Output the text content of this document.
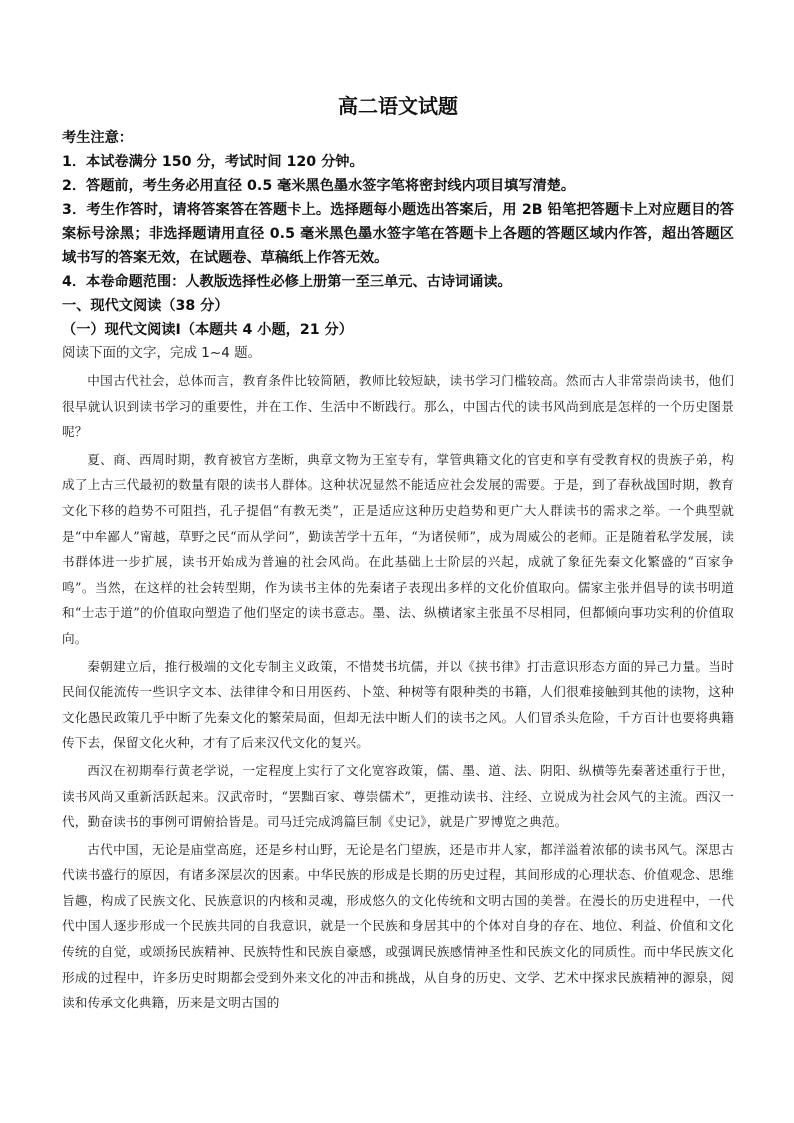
高二语文试题

考生注意：

1．本试卷满分 150 分，考试时间 120 分钟。

2．答题前，考生务必用直径 0.5 毫米黑色墨水签字笔将密封线内项目填写清楚。

3．考生作答时，请将答案答在答题卡上。选择题每小题选出答案后，用 2B 铅笔把答题卡上对应题目的答案标号涂黑；非选择题请用直径 0.5 毫米黑色墨水签字笔在答题卡上各题的答题区域内作答，超出答题区域书写的答案无效，在试题卷、草稿纸上作答无效。

4．本卷命题范围：人教版选择性必修上册第一至三单元、古诗词诵读。

一、现代文阅读（38 分）

（一）现代文阅读Ⅰ（本题共 4 小题，21 分）

阅读下面的文字，完成 1~4 题。

中国古代社会，总体而言，教育条件比较简陋，教师比较短缺，读书学习门槛较高。然而古人非常崇尚读书，他们很早就认识到读书学习的重要性，并在工作、生活中不断践行。那么，中国古代的读书风尚到底是怎样的一个历史图景呢？

夏、商、西周时期，教育被官方垄断，典章文物为王室专有，掌管典籍文化的官吏和享有受教育权的贵族子弟，构成了上古三代最初的数量有限的读书人群体。这种状况显然不能适应社会发展的需要。于是，到了春秋战国时期，教育文化下移的趋势不可阻挡，孔子提倡“有教无类”，正是适应这种历史趋势和更广大人群读书的需求之举。一个典型就是“中牟鄙人”甯越，草野之民“而从学问”，勤读苦学十五年，“为诸侯师”，成为周威公的老师。正是随着私学发展，读书群体进一步扩展，读书开始成为普遍的社会风尚。在此基础上士阶层的兴起，成就了象征先秦文化繁盛的“百家争鸣”。当然，在这样的社会转型期，作为读书主体的先秦诸子表现出多样的文化价值取向。儒家主张并倡导的读书明道和“士志于道”的价值取向塑造了他们坚定的读书意志。墨、法、纵横诸家主张虽不尽相同，但都倾向事功实利的价值取向。

秦朝建立后，推行极端的文化专制主义政策，不惜焚书坑儒，并以《挟书律》打击意识形态方面的异己力量。当时民间仅能流传一些识字文本、法律律令和日用医药、卜筮、种树等有限种类的书籍，人们很难接触到其他的读物，这种文化愚民政策几乎中断了先秦文化的繁荣局面，但却无法中断人们的读书之风。人们冒杀头危险，千方百计也要将典籍传下去，保留文化火种，才有了后来汉代文化的复兴。

西汉在初期奉行黄老学说，一定程度上实行了文化宽容政策，儒、墨、道、法、阴阳、纵横等先秦著述重行于世，读书风尚又重新活跃起来。汉武帝时，“罢黜百家、尊崇儒术”，更推动读书、注经、立说成为社会风气的主流。西汉一代，勤奋读书的事例可谓俯拾皆是。司马迁完成鸿篇巨制《史记》，就是广罗博览之典范。

古代中国，无论是庙堂高庭，还是乡村山野，无论是名门望族，还是市井人家，都洋溢着浓郁的读书风气。深思古代读书盛行的原因，有诸多深层次的因素。中华民族的形成是长期的历史过程，其间形成的心理状态、价值观念、思维旨趣，构成了民族文化、民族意识的内核和灵魂，形成悠久的文化传统和文明古国的美誉。在漫长的历史进程中，一代代中国人逐步形成一个民族共同的自我意识，就是一个民族和身居其中的个体对自身的存在、地位、利益、价值和文化传统的自觉，或颂扬民族精神、民族特性和民族自豪感，或强调民族感情神圣性和民族文化的同质性。而中华民族文化形成的过程中，许多历史时期都会受到外来文化的冲击和挑战，从自身的历史、文学、艺术中探求民族精神的源泉，阅读和传承文化典籍，历来是文明古国的
